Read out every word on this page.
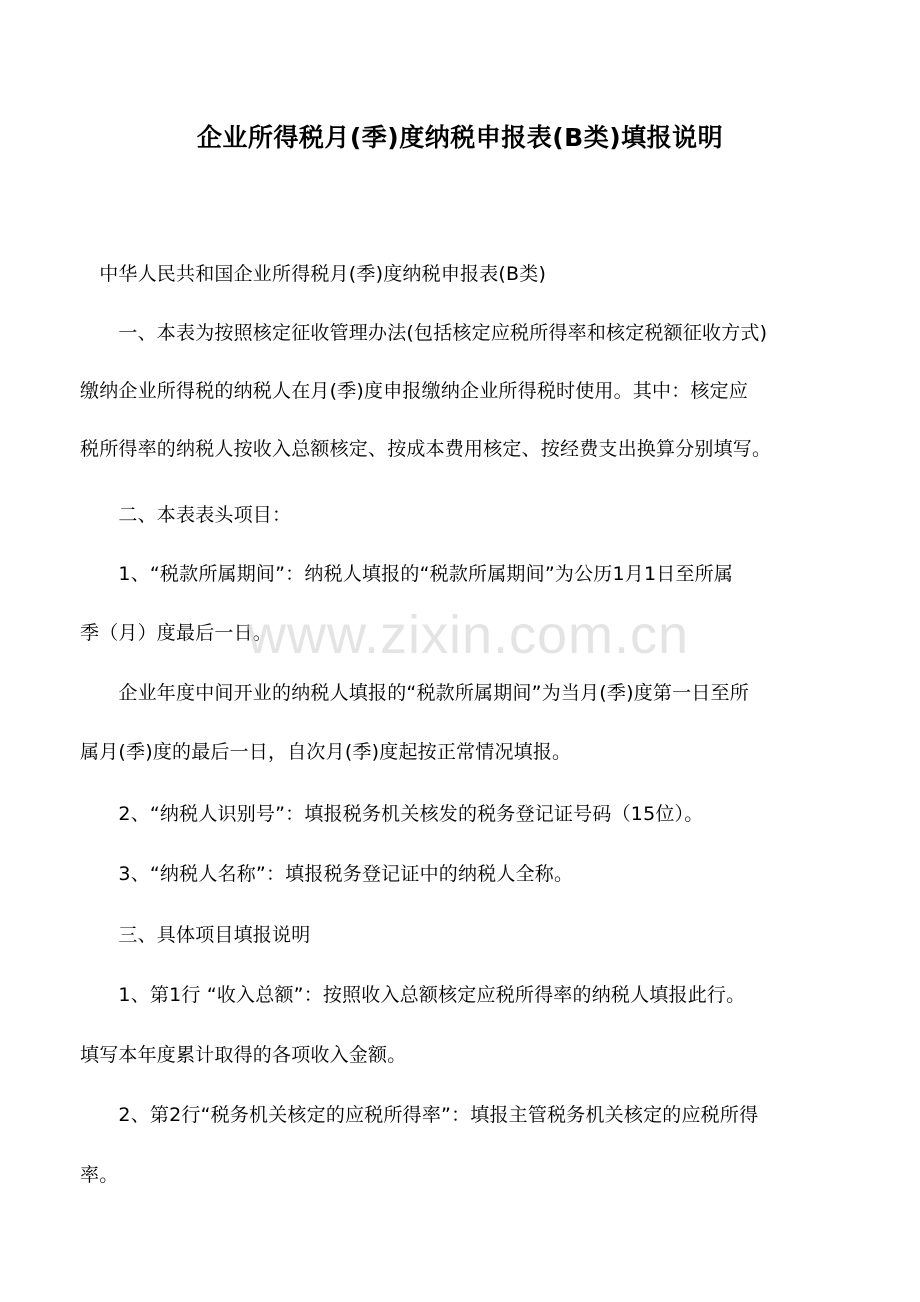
企业所得税月(季)度纳税申报表(B类)填报说明

　中华人民共和国企业所得税月(季)度纳税申报表(B类)

　　一、本表为按照核定征收管理办法(包括核定应税所得率和核定税额征收方式)

缴纳企业所得税的纳税人在月(季)度申报缴纳企业所得税时使用。其中：核定应

税所得率的纳税人按收入总额核定、按成本费用核定、按经费支出换算分别填写。

　　二、本表表头项目：

　　1、“税款所属期间”：纳税人填报的“税款所属期间”为公历1月1日至所属

季（月）度最后一日。

　　企业年度中间开业的纳税人填报的“税款所属期间”为当月(季)度第一日至所

属月(季)度的最后一日，自次月(季)度起按正常情况填报。

　　2、“纳税人识别号”：填报税务机关核发的税务登记证号码（15位）。

　　3、“纳税人名称”：填报税务登记证中的纳税人全称。

　　三、具体项目填报说明

　　1、第1行 “收入总额”：按照收入总额核定应税所得率的纳税人填报此行。

填写本年度累计取得的各项收入金额。

　　2、第2行“税务机关核定的应税所得率”：填报主管税务机关核定的应税所得

率。

www.zixin.com.cn
